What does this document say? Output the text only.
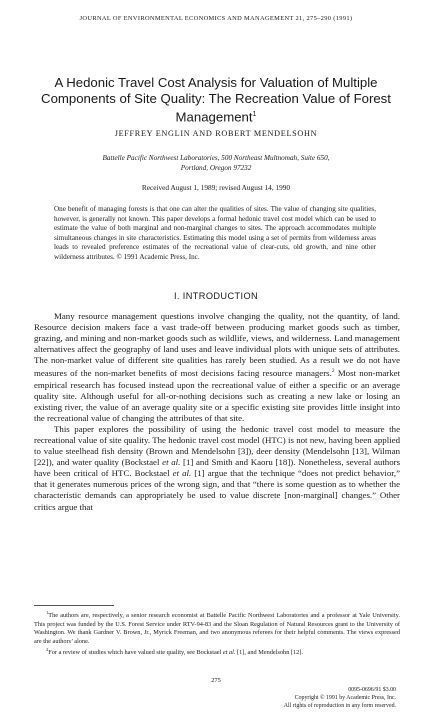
JOURNAL OF ENVIRONMENTAL ECONOMICS AND MANAGEMENT 21, 275–290 (1991)
A Hedonic Travel Cost Analysis for Valuation of Multiple Components of Site Quality: The Recreation Value of Forest Management$^1$
JEFFREY ENGLIN AND ROBERT MENDELSOHN
Battelle Pacific Northwest Laboratories, 500 Northeast Multnomah, Suite 650,
Portland, Oregon 97232
Received August 1, 1989; revised August 14, 1990
One benefit of managing forests is that one can alter the qualities of sites. The value of changing site qualities, however, is generally not known. This paper develops a formal hedonic travel cost model which can be used to estimate the value of both marginal and non-marginal changes to sites. The approach accommodates multiple simultaneous changes in site characteristics. Estimating this model using a set of permits from wilderness areas leads to revealed preference estimates of the recreational value of clear-cuts, old growth, and nine other wilderness attributes. © 1991 Academic Press, Inc.
I. INTRODUCTION

Many resource management questions involve changing the quality, not the quantity, of land. Resource decision makers face a vast trade-off between producing market goods such as timber, grazing, and mining and non-market goods such as wildlife, views, and wilderness. Land management alternatives affect the geography of land uses and leave individual plots with unique sets of attributes. The non-market value of different site qualities has rarely been studied. As a result we do not have measures of the non-market benefits of most decisions facing resource managers.$^2$ Most non-market empirical research has focused instead upon the recreational value of either a specific or an average quality site. Although useful for all-or-nothing decisions such as creating a new lake or losing an existing river, the value of an average quality site or a specific existing site provides little insight into the recreational value of changing the attributes of that site.

This paper explores the possibility of using the hedonic travel cost model to measure the recreational value of site quality. The hedonic travel cost model (HTC) is not new, having been applied to value steelhead fish density (Brown and Mendelsohn [3]), deer density (Mendelsohn [13], Wilman [22]), and water quality (Bockstael et al. [1] and Smith and Kaoru [18]). Nonetheless, several authors have been critical of HTC. Bockstael et al. [1] argue that the technique “does not predict behavior,” that it generates numerous prices of the wrong sign, and that “there is some question as to whether the characteristic demands can appropriately be used to value discrete [non-marginal] changes.” Other critics argue that

$^1$The authors are, respectively, a senior research economist at Battelle Pacific Northwest Laboratories and a professor at Yale University. This project was funded by the U.S. Forest Service under RTV-94-83 and the Sloan Regulation of Natural Resources grant to the University of Washington. We thank Gardner V. Brown, Jr., Myrick Freeman, and two anonymous referees for their helpful comments. The views expressed are the authors’ alone.

$^2$For a review of studies which have valued site quality, see Bockstael et al. [1], and Mendelsohn [12].

275
0095-0696/91 $3.00
Copyright © 1991 by Academic Press, Inc.
All rights of reproduction in any form reserved.
